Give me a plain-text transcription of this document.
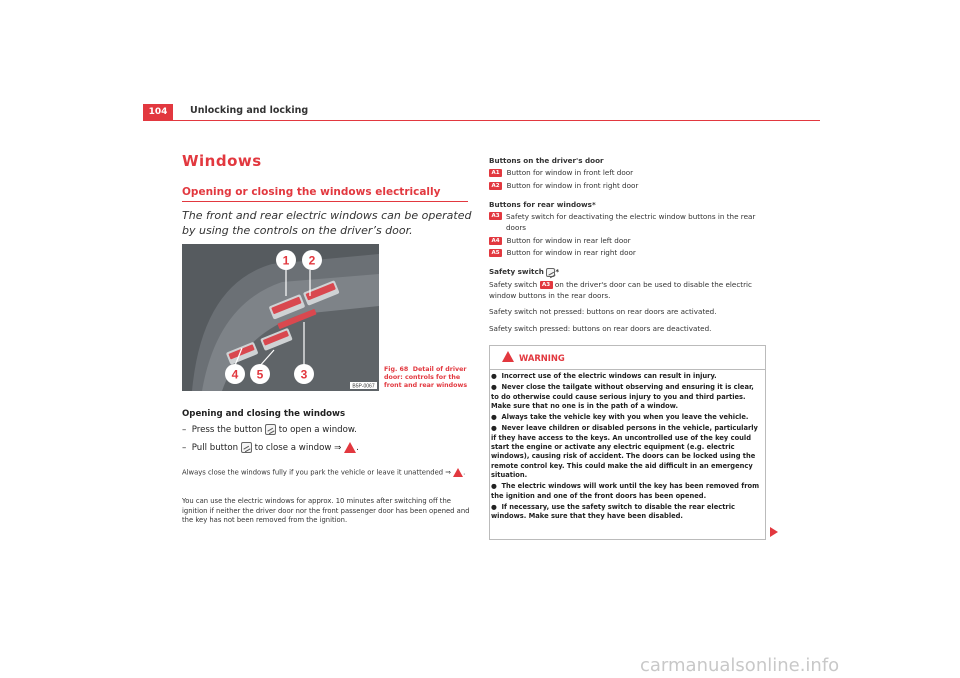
104	Unlocking and locking
Windows
Opening or closing the windows electrically
The front and rear electric windows can be operated by using the controls on the driver’s door.
1 2
3
4 5
B5P-0067
Fig. 68 Detail of driver door: controls for the front and rear windows
Opening and closing the windows
– Press the button to open a window.
– Pull button to close a window ⇒ .
Always close the windows fully if you park the vehicle or leave it unattended ⇒ .
You can use the electric windows for approx. 10 minutes after switching off the ignition if neither the driver door nor the front passenger door has been opened and the key has not been removed from the ignition.
Buttons on the driver's door
A1 Button for window in front left door
A2 Button for window in front right door
Buttons for rear windows*
A3 Safety switch for deactivating the electric window buttons in the rear doors
A4 Button for window in rear left door
A5 Button for window in rear right door
Safety switch *
Safety switch A3 on the driver's door can be used to disable the electric
window buttons in the rear doors.
Safety switch not pressed: buttons on rear doors are activated.
Safety switch pressed: buttons on rear doors are deactivated.
WARNING
●  Incorrect use of the electric windows can result in injury.
●  Never close the tailgate without observing and ensuring it is clear, to do otherwise could cause serious injury to you and third parties. Make sure that no one is in the path of a window.
●  Always take the vehicle key with you when you leave the vehicle.
●  Never leave children or disabled persons in the vehicle, particularly if they have access to the keys. An uncontrolled use of the key could start the engine or activate any electric equipment (e.g. electric windows), causing risk of accident. The doors can be locked using the remote control key. This could make the aid difficult in an emergency situation.
●  The electric windows will work until the key has been removed from the ignition and one of the front doors has been opened.
●  If necessary, use the safety switch to disable the rear electric windows. Make sure that they have been disabled.
carmanualsonline.info
